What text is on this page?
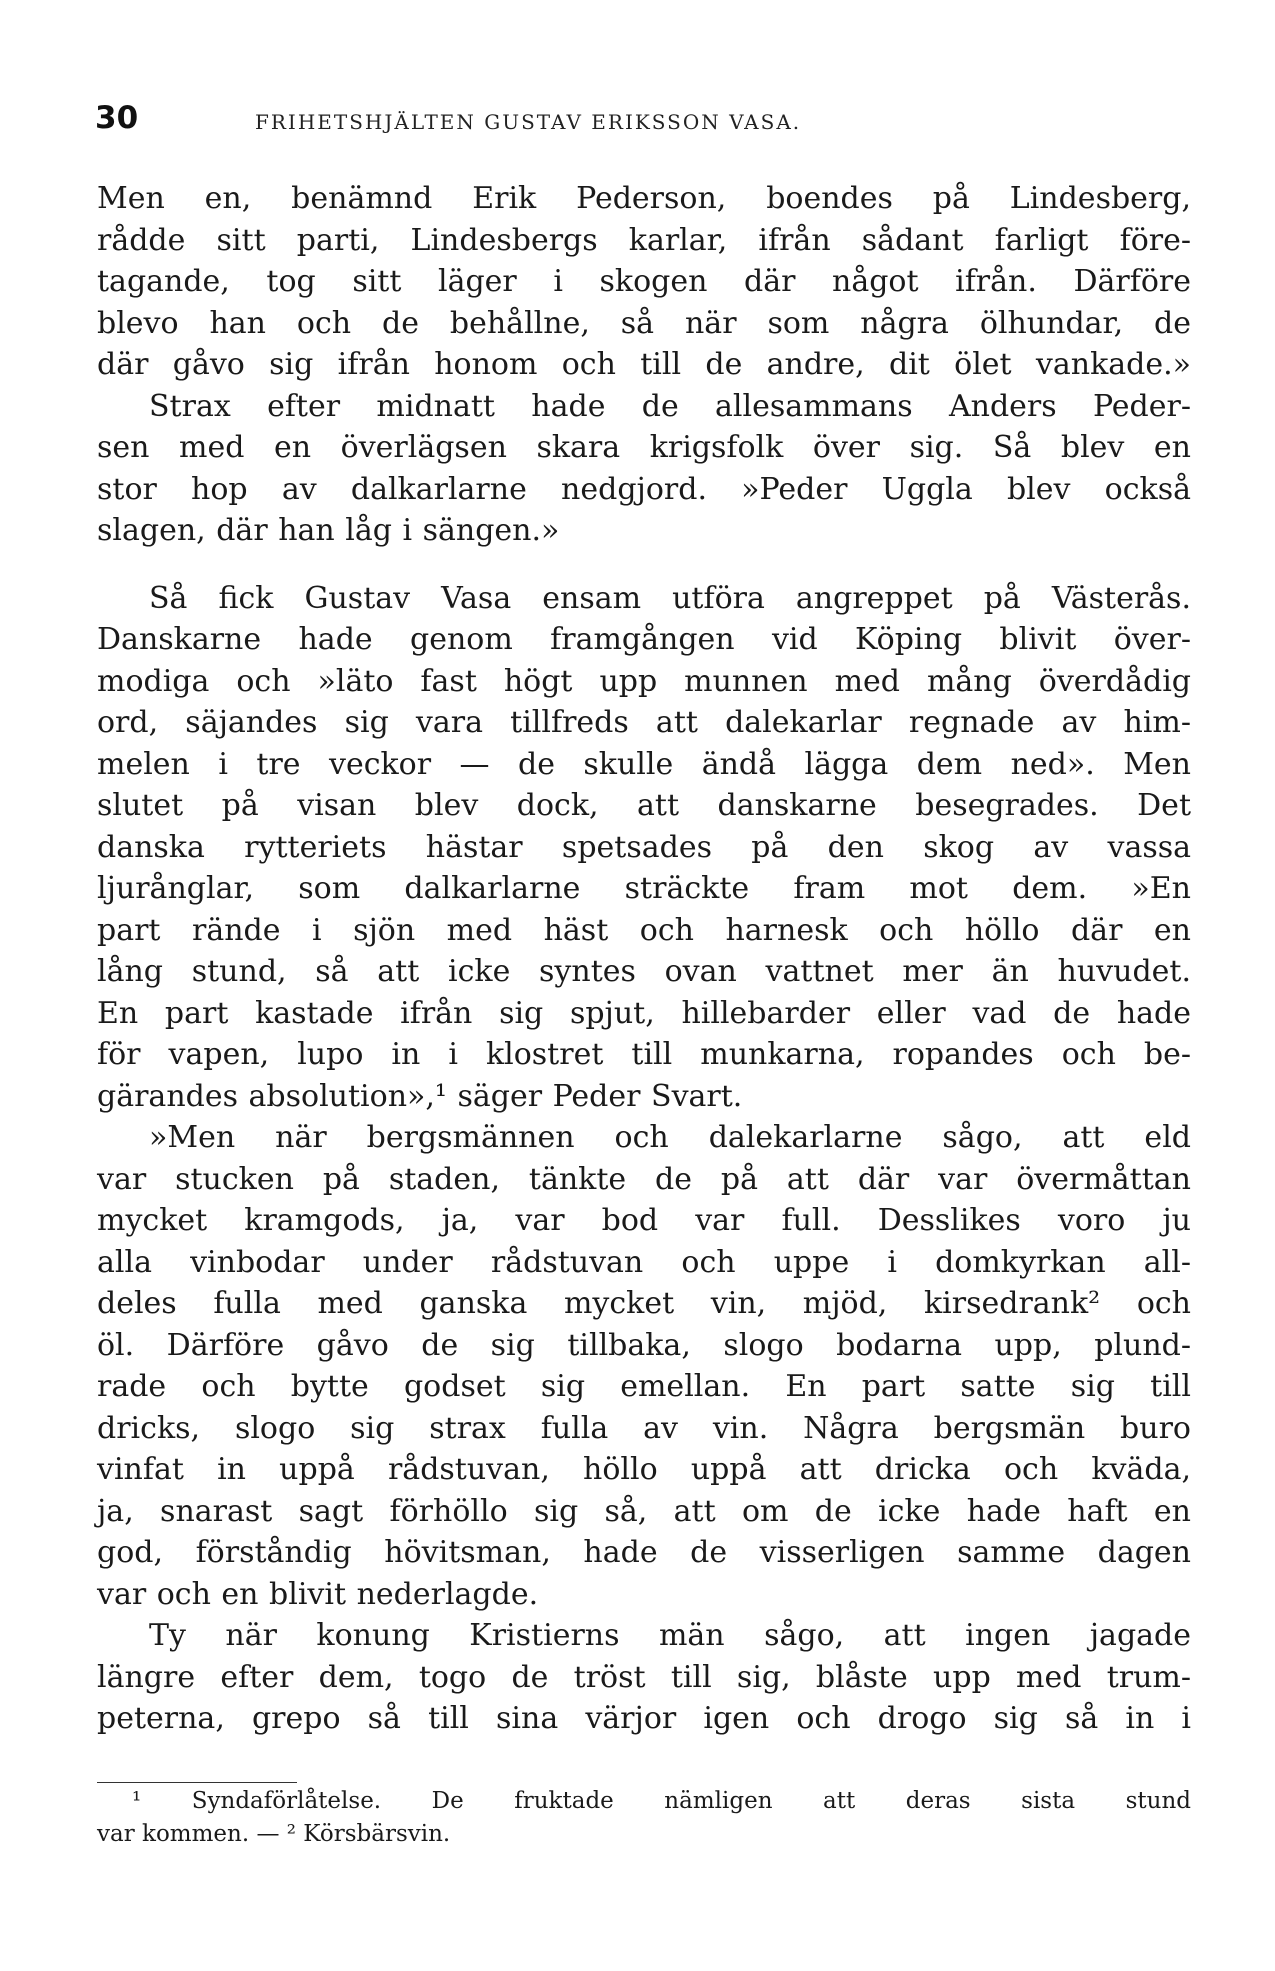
30	FRIHETSHJÄLTEN GUSTAV ERIKSSON VASA.
Men en, benämnd Erik Pederson, boendes på Lindesberg,
rådde sitt parti, Lindesbergs karlar, ifrån sådant farligt före-
tagande, tog sitt läger i skogen där något ifrån. Därföre
blevo han och de behållne, så när som några ölhundar, de
där gåvo sig ifrån honom och till de andre, dit ölet vankade.»
Strax efter midnatt hade de allesammans Anders Peder-
sen med en överlägsen skara krigsfolk över sig. Så blev en
stor hop av dalkarlarne nedgjord. »Peder Uggla blev också
slagen, där han låg i sängen.»
Så fick Gustav Vasa ensam utföra angreppet på Västerås.
Danskarne hade genom framgången vid Köping blivit över-
modiga och »läto fast högt upp munnen med mång överdådig
ord, säjandes sig vara tillfreds att dalekarlar regnade av him-
melen i tre veckor — de skulle ändå lägga dem ned». Men
slutet på visan blev dock, att danskarne besegrades. Det
danska rytteriets hästar spetsades på den skog av vassa
ljurånglar, som dalkarlarne sträckte fram mot dem. »En
part rände i sjön med häst och harnesk och höllo där en
lång stund, så att icke syntes ovan vattnet mer än huvudet.
En part kastade ifrån sig spjut, hillebarder eller vad de hade
för vapen, lupo in i klostret till munkarna, ropandes och be-
gärandes absolution»,¹ säger Peder Svart.
»Men när bergsmännen och dalekarlarne sågo, att eld
var stucken på staden, tänkte de på att där var övermåttan
mycket kramgods, ja, var bod var full. Desslikes voro ju
alla vinbodar under rådstuvan och uppe i domkyrkan all-
deles fulla med ganska mycket vin, mjöd, kirsedrank² och
öl. Därföre gåvo de sig tillbaka, slogo bodarna upp, plund-
rade och bytte godset sig emellan. En part satte sig till
dricks, slogo sig strax fulla av vin. Några bergsmän buro
vinfat in uppå rådstuvan, höllo uppå att dricka och kväda,
ja, snarast sagt förhöllo sig så, att om de icke hade haft en
god, förståndig hövitsman, hade de visserligen samme dagen
var och en blivit nederlagde.
Ty när konung Kristierns män sågo, att ingen jagade
längre efter dem, togo de tröst till sig, blåste upp med trum-
peterna, grepo så till sina värjor igen och drogo sig så in i
¹ Syndaförlåtelse. De fruktade nämligen att deras sista stund
var kommen. — ² Körsbärsvin.
